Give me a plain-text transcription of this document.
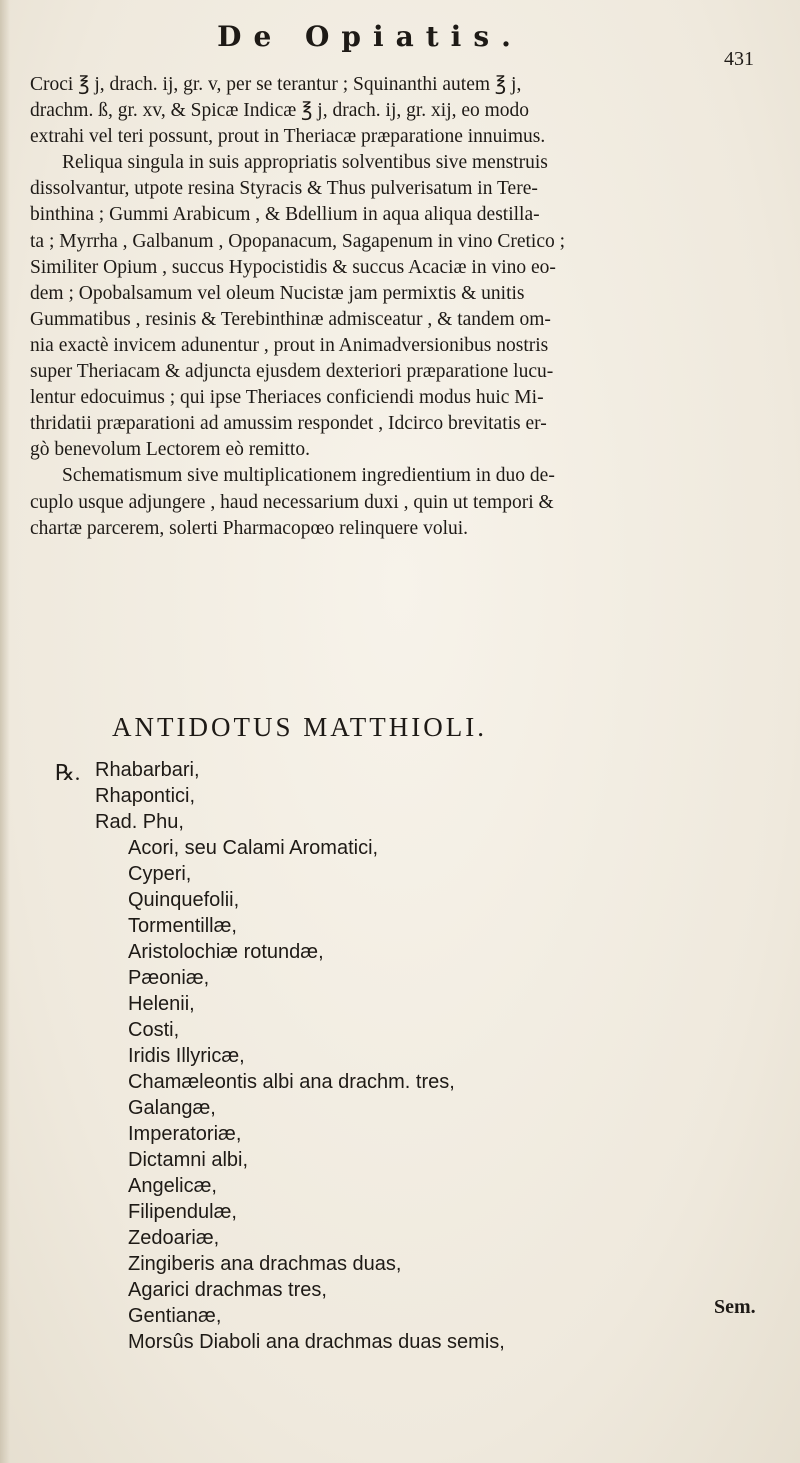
De Opiatis.
431
Croci ℥ j, drach. ij, gr. v, per se terantur ; Squinanthi autem ℥ j,
drachm. ß, gr. xv, & Spicæ Indicæ ℥ j, drach. ij, gr. xij, eo modo
extrahi vel teri possunt, prout in Theriacæ præparatione innuimus.
Reliqua singula in suis appropriatis solventibus sive menstruis
dissolvantur, utpote resina Styracis & Thus pulverisatum in Tere-
binthina ; Gummi Arabicum , & Bdellium in aqua aliqua destilla-
ta ; Myrrha , Galbanum , Opopanacum, Sagapenum in vino Cretico ;
Similiter Opium , succus Hypocistidis & succus Acaciæ in vino eo-
dem ; Opobalsamum vel oleum Nucistæ jam permixtis & unitis
Gummatibus , resinis & Terebinthinæ admisceatur , & tandem om-
nia exactè invicem adunentur , prout in Animadversionibus nostris
super Theriacam & adjuncta ejusdem dexteriori præparatione lucu-
lentur edocuimus ; qui ipse Theriaces conficiendi modus huic Mi-
thridatii præparationi ad amussim respondet , Idcirco brevitatis er-
gò benevolum Lectorem eò remitto.
Schematismum sive multiplicationem ingredientium in duo de-
cuplo usque adjungere , haud necessarium duxi , quin ut tempori &
chartæ parcerem, solerti Pharmacopœo relinquere volui.
ANTIDOTUS MATTHIOLI.
℞. Rhabarbari,
Rhapontici,
Rad. Phu,
Acori, seu Calami Aromatici,
Cyperi,
Quinquefolii,
Tormentillæ,
Aristolochiæ rotundæ,
Pæoniæ,
Helenii,
Costi,
Iridis Illyricæ,
Chamæleontis albi ana drachm. tres,
Galangæ,
Imperatoriæ,
Dictamni albi,
Angelicæ,
Filipendulæ,
Zedoariæ,
Zingiberis ana drachmas duas,
Agarici drachmas tres,
Gentianæ,
Morsûs Diaboli ana drachmas duas semis,
Sem.
